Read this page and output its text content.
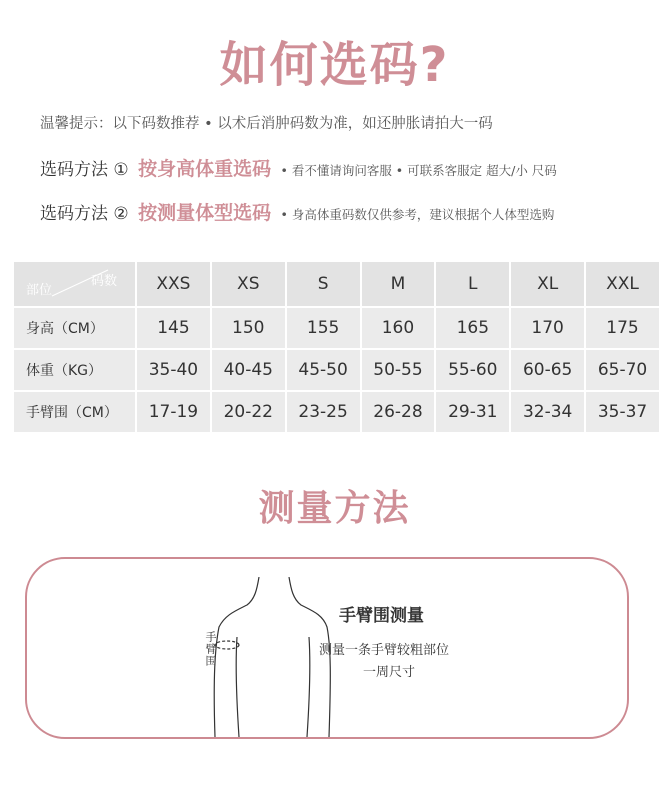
如何选码?
温馨提示：以下码数推荐 • 以术后消肿码数为准，如还肿胀请拍大一码
选码方法 ① 按身高体重选码 • 看不懂请询问客服 • 可联系客服定 超大/小 尺码
选码方法 ② 按测量体型选码 • 身高体重码数仅供参考，建议根据个人体型选购
码数
部位	XXS	XS	S	M	L	XL	XXL
身高（CM）	145	150	155	160	165	170	175
体重（KG）	35-40	40-45	45-50	50-55	55-60	60-65	65-70
手臂围（CM）	17-19	20-22	23-25	26-28	29-31	32-34	35-37
测量方法
手臂围
手臂围测量
测量一条手臂较粗部位
一周尺寸
